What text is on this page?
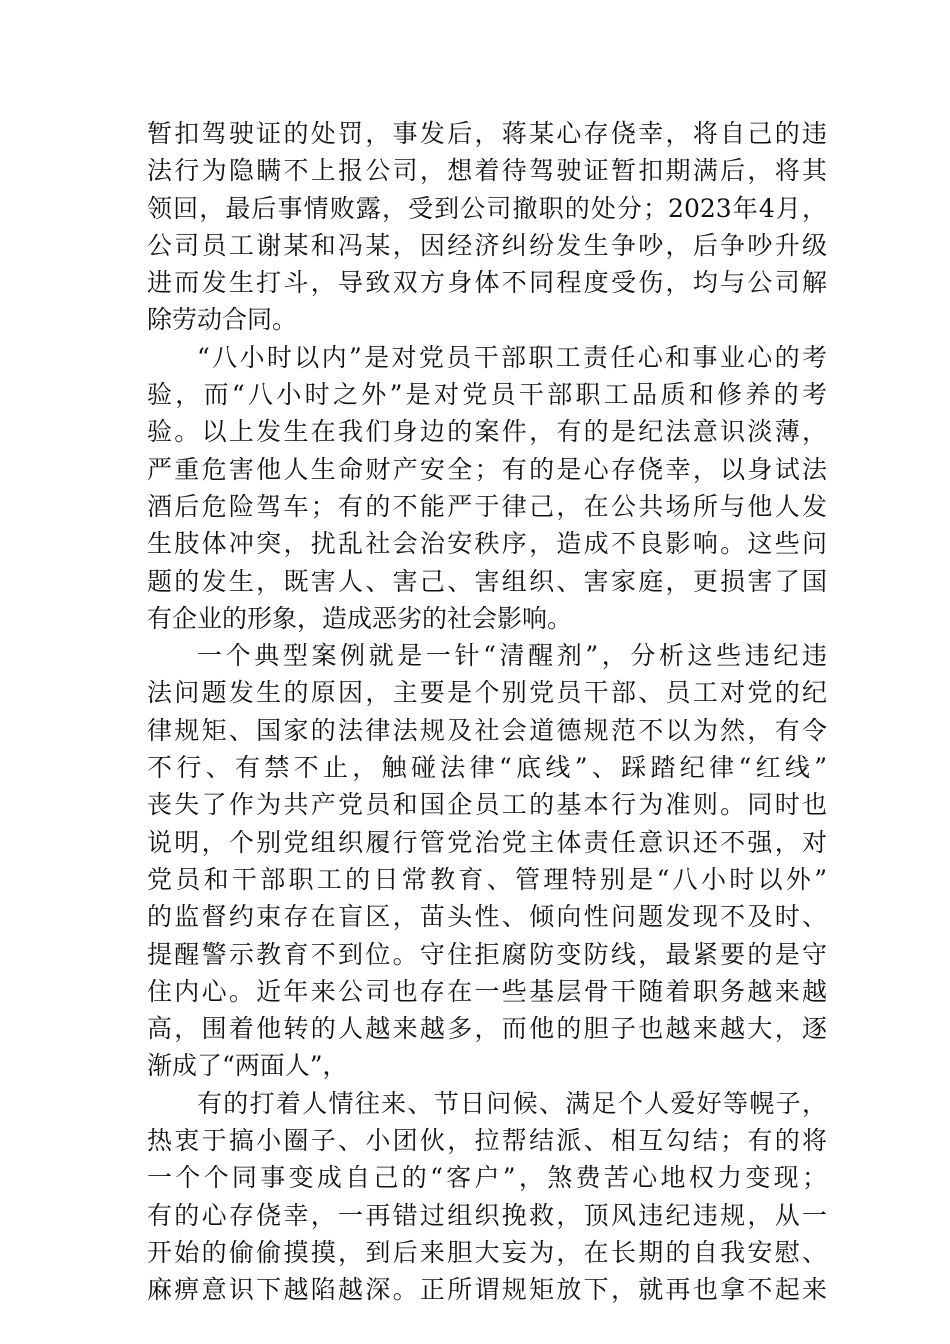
暂扣驾驶证的处罚，事发后，蒋某心存侥幸，将自己的违
法行为隐瞒不上报公司，想着待驾驶证暂扣期满后，将其
领回，最后事情败露，受到公司撤职的处分；2023年4月，
公司员工谢某和冯某，因经济纠纷发生争吵，后争吵升级
进而发生打斗，导致双方身体不同程度受伤，均与公司解
除劳动合同。
“八小时以内”是对党员干部职工责任心和事业心的考
验，而“八小时之外”是对党员干部职工品质和修养的考
验。以上发生在我们身边的案件，有的是纪法意识淡薄，
严重危害他人生命财产安全；有的是心存侥幸，以身试法
酒后危险驾车；有的不能严于律己，在公共场所与他人发
生肢体冲突，扰乱社会治安秩序，造成不良影响。这些问
题的发生，既害人、害己、害组织、害家庭，更损害了国
有企业的形象，造成恶劣的社会影响。
一个典型案例就是一针“清醒剂”，分析这些违纪违
法问题发生的原因，主要是个别党员干部、员工对党的纪
律规矩、国家的法律法规及社会道德规范不以为然，有令
不行、有禁不止，触碰法律“底线”、踩踏纪律“红线”
丧失了作为共产党员和国企员工的基本行为准则。同时也
说明，个别党组织履行管党治党主体责任意识还不强，对
党员和干部职工的日常教育、管理特别是“八小时以外”
的监督约束存在盲区，苗头性、倾向性问题发现不及时、
提醒警示教育不到位。守住拒腐防变防线，最紧要的是守
住内心。近年来公司也存在一些基层骨干随着职务越来越
高，围着他转的人越来越多，而他的胆子也越来越大，逐
渐成了“两面人”，
有的打着人情往来、节日问候、满足个人爱好等幌子，
热衷于搞小圈子、小团伙，拉帮结派、相互勾结；有的将
一个个同事变成自己的“客户”，煞费苦心地权力变现；
有的心存侥幸，一再错过组织挽救，顶风违纪违规，从一
开始的偷偷摸摸，到后来胆大妄为，在长期的自我安慰、
麻痹意识下越陷越深。正所谓规矩放下，就再也拿不起来
